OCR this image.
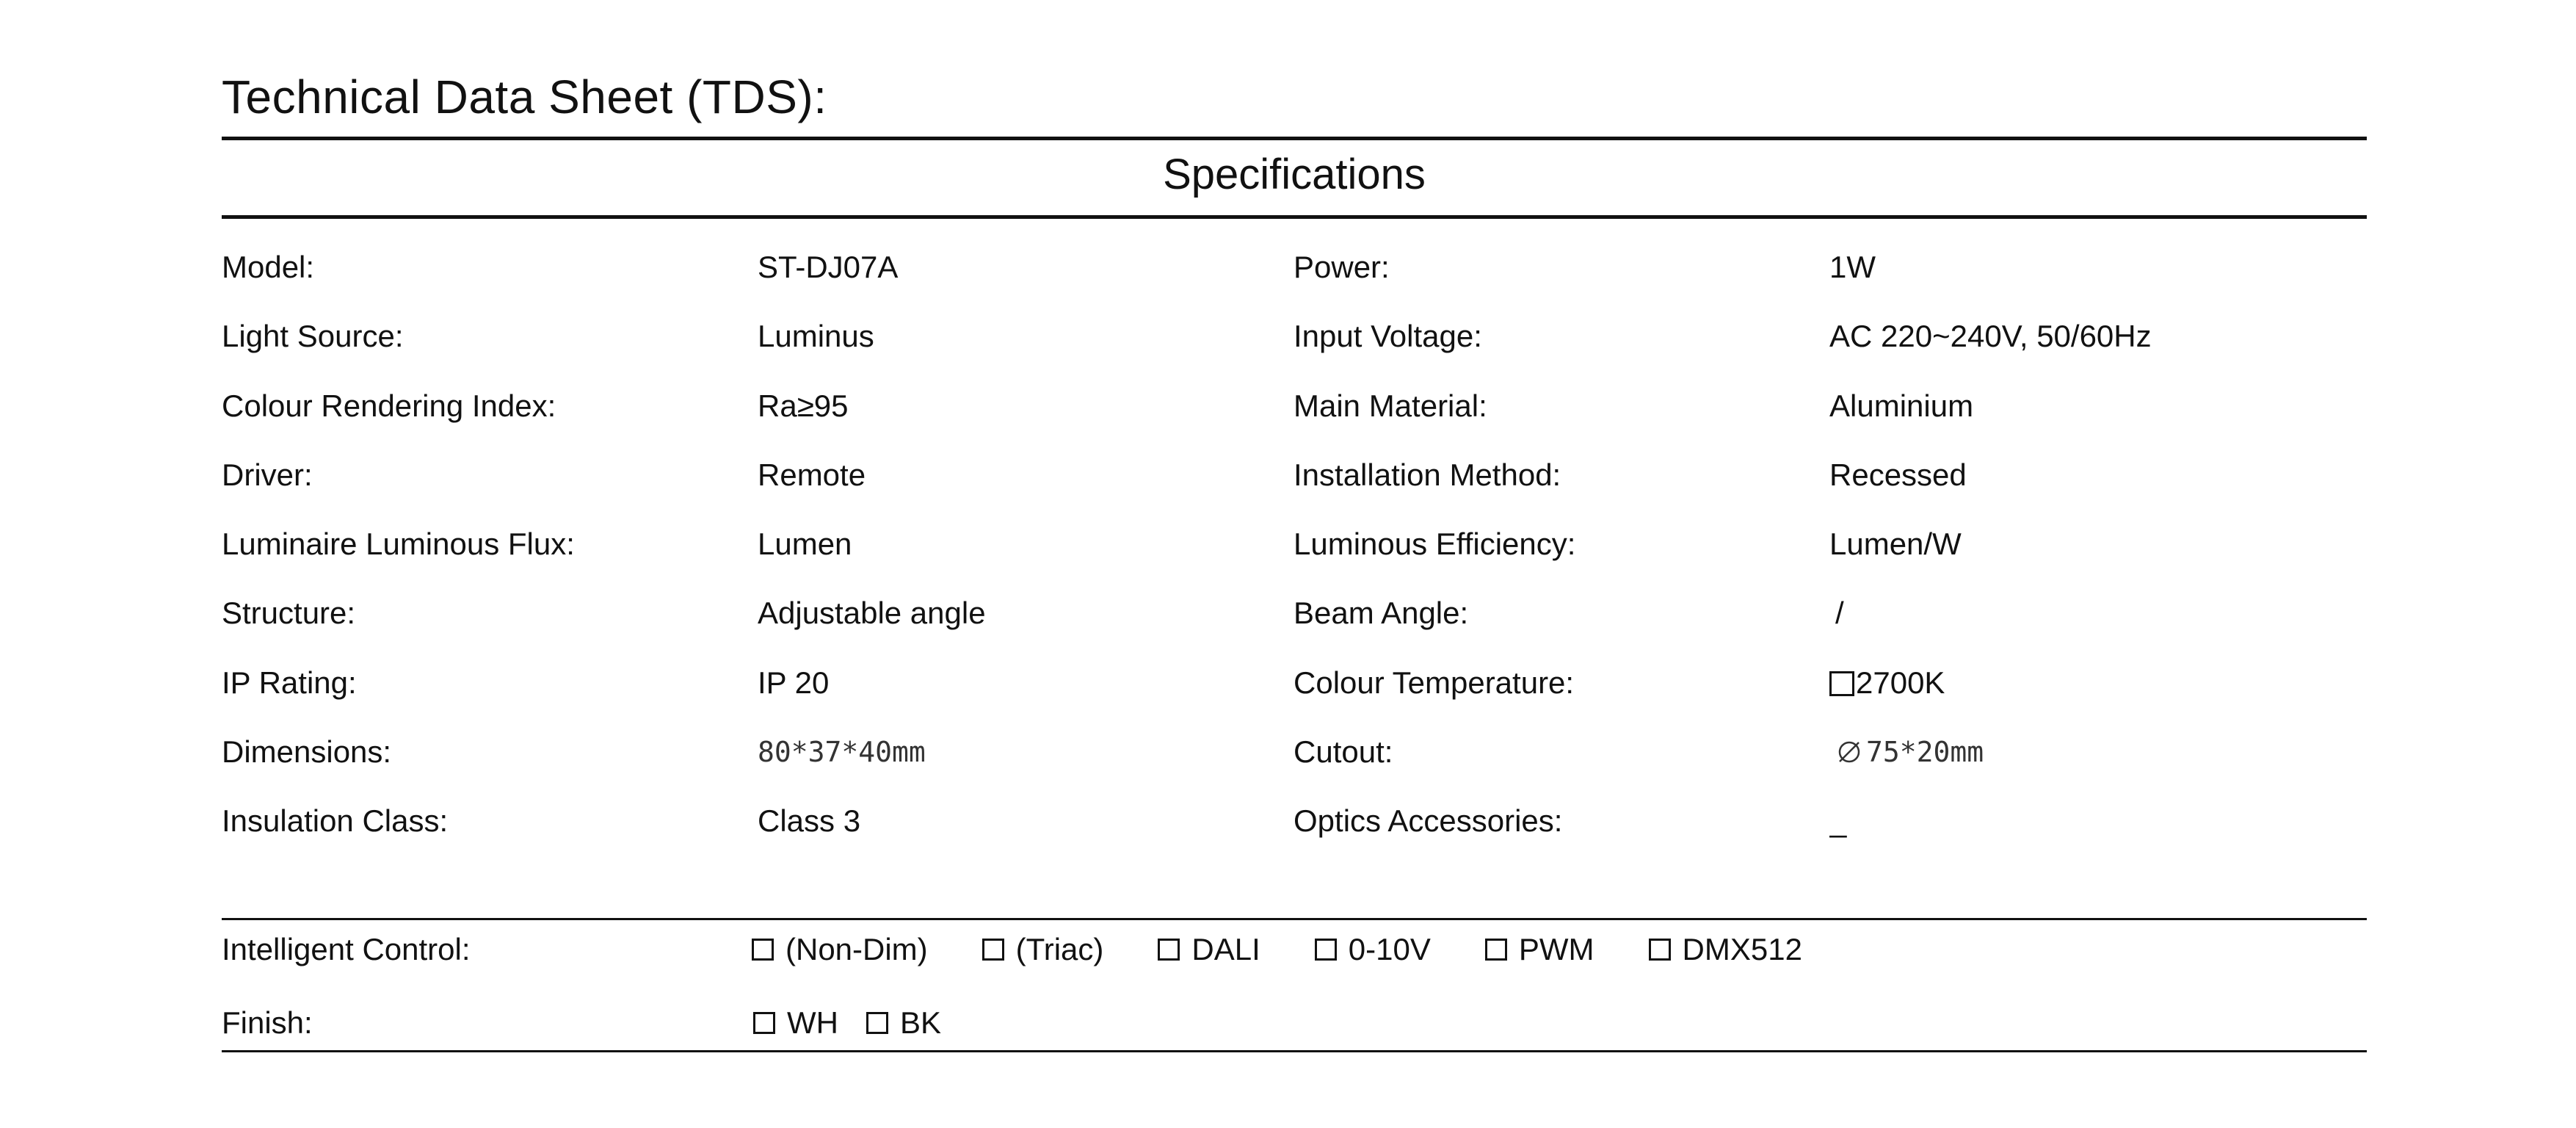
Technical Data Sheet (TDS):
Specifications
Model:	ST-DJ07A	Power:	1W
Light Source:	Luminus	Input Voltage:	AC 220~240V, 50/60Hz
Colour Rendering Index:	Ra≥95	Main Material:	Aluminium
Driver:	Remote	Installation Method:	Recessed
Luminaire Luminous Flux:	Lumen	Luminous Efficiency:	Lumen/W
Structure:	Adjustable angle	Beam Angle:	/
IP Rating:	IP 20	Colour Temperature:	2700K
Dimensions:	80*37*40mm	Cutout:	75*20mm
Insulation Class:	Class 3	Optics Accessories:	_
Intelligent Control:	(Non-Dim)	(Triac)	DALI	0-10V	PWM	DMX512
Finish:	WH BK
